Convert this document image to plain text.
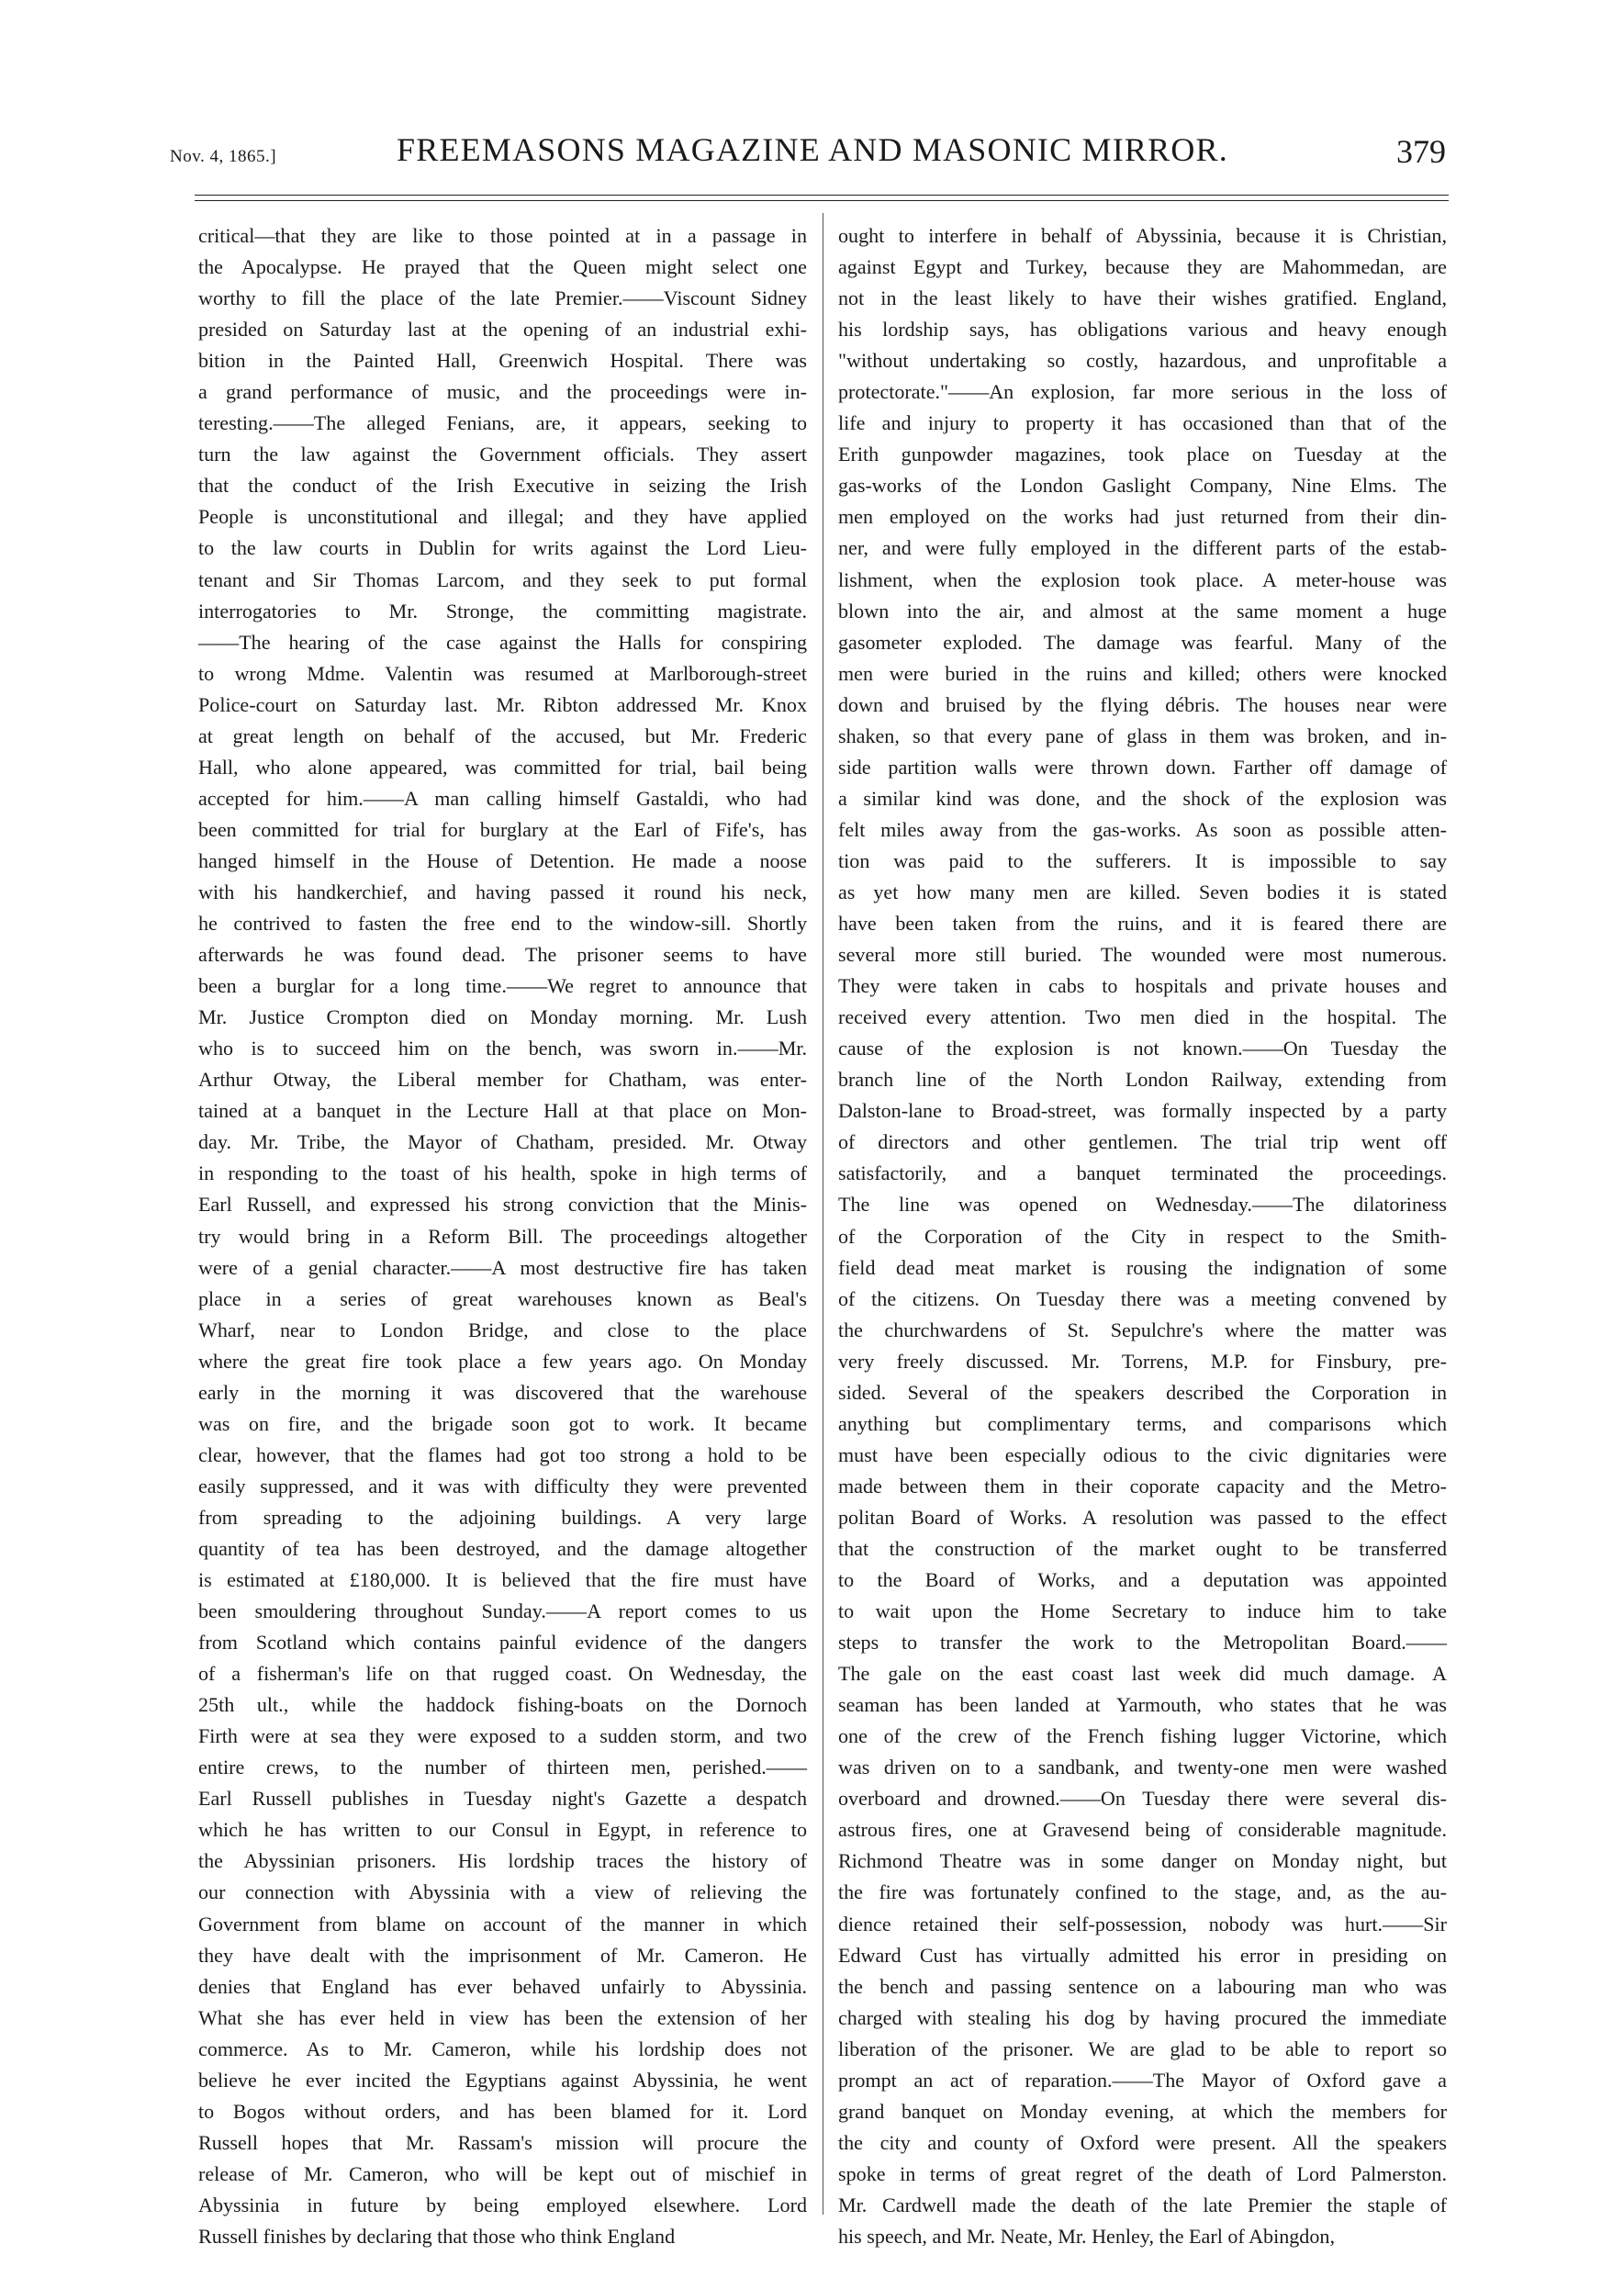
Nov. 4, 1865.]	FREEMASONS MAGAZINE AND MASONIC MIRROR.	379
critical—that they are like to those pointed at in a passage in
the Apocalypse. He prayed that the Queen might select one
worthy to fill the place of the late Premier.——Viscount Sidney
presided on Saturday last at the opening of an industrial exhi-
bition in the Painted Hall, Greenwich Hospital. There was
a grand performance of music, and the proceedings were in-
teresting.——The alleged Fenians, are, it appears, seeking to
turn the law against the Government officials. They assert
that the conduct of the Irish Executive in seizing the Irish
People is unconstitutional and illegal; and they have applied
to the law courts in Dublin for writs against the Lord Lieu-
tenant and Sir Thomas Larcom, and they seek to put formal
interrogatories to Mr. Stronge, the committing magistrate.
——The hearing of the case against the Halls for conspiring
to wrong Mdme. Valentin was resumed at Marlborough-street
Police-court on Saturday last. Mr. Ribton addressed Mr. Knox
at great length on behalf of the accused, but Mr. Frederic
Hall, who alone appeared, was committed for trial, bail being
accepted for him.——A man calling himself Gastaldi, who had
been committed for trial for burglary at the Earl of Fife's, has
hanged himself in the House of Detention. He made a noose
with his handkerchief, and having passed it round his neck,
he contrived to fasten the free end to the window-sill. Shortly
afterwards he was found dead. The prisoner seems to have
been a burglar for a long time.——We regret to announce that
Mr. Justice Crompton died on Monday morning. Mr. Lush
who is to succeed him on the bench, was sworn in.——Mr.
Arthur Otway, the Liberal member for Chatham, was enter-
tained at a banquet in the Lecture Hall at that place on Mon-
day. Mr. Tribe, the Mayor of Chatham, presided. Mr. Otway
in responding to the toast of his health, spoke in high terms of
Earl Russell, and expressed his strong conviction that the Minis-
try would bring in a Reform Bill. The proceedings altogether
were of a genial character.——A most destructive fire has taken
place in a series of great warehouses known as Beal's
Wharf, near to London Bridge, and close to the place
where the great fire took place a few years ago. On Monday
early in the morning it was discovered that the warehouse
was on fire, and the brigade soon got to work. It became
clear, however, that the flames had got too strong a hold to be
easily suppressed, and it was with difficulty they were prevented
from spreading to the adjoining buildings. A very large
quantity of tea has been destroyed, and the damage altogether
is estimated at £180,000. It is believed that the fire must have
been smouldering throughout Sunday.——A report comes to us
from Scotland which contains painful evidence of the dangers
of a fisherman's life on that rugged coast. On Wednesday, the
25th ult., while the haddock fishing-boats on the Dornoch
Firth were at sea they were exposed to a sudden storm, and two
entire crews, to the number of thirteen men, perished.——
Earl Russell publishes in Tuesday night's Gazette a despatch
which he has written to our Consul in Egypt, in reference to
the Abyssinian prisoners. His lordship traces the history of
our connection with Abyssinia with a view of relieving the
Government from blame on account of the manner in which
they have dealt with the imprisonment of Mr. Cameron. He
denies that England has ever behaved unfairly to Abyssinia.
What she has ever held in view has been the extension of her
commerce. As to Mr. Cameron, while his lordship does not
believe he ever incited the Egyptians against Abyssinia, he went
to Bogos without orders, and has been blamed for it. Lord
Russell hopes that Mr. Rassam's mission will procure the
release of Mr. Cameron, who will be kept out of mischief in
Abyssinia in future by being employed elsewhere. Lord
Russell finishes by declaring that those who think England
ought to interfere in behalf of Abyssinia, because it is Christian,
against Egypt and Turkey, because they are Mahommedan, are
not in the least likely to have their wishes gratified. England,
his lordship says, has obligations various and heavy enough
"without undertaking so costly, hazardous, and unprofitable a
protectorate."——An explosion, far more serious in the loss of
life and injury to property it has occasioned than that of the
Erith gunpowder magazines, took place on Tuesday at the
gas-works of the London Gaslight Company, Nine Elms. The
men employed on the works had just returned from their din-
ner, and were fully employed in the different parts of the estab-
lishment, when the explosion took place. A meter-house was
blown into the air, and almost at the same moment a huge
gasometer exploded. The damage was fearful. Many of the
men were buried in the ruins and killed; others were knocked
down and bruised by the flying débris. The houses near were
shaken, so that every pane of glass in them was broken, and in-
side partition walls were thrown down. Farther off damage of
a similar kind was done, and the shock of the explosion was
felt miles away from the gas-works. As soon as possible atten-
tion was paid to the sufferers. It is impossible to say
as yet how many men are killed. Seven bodies it is stated
have been taken from the ruins, and it is feared there are
several more still buried. The wounded were most numerous.
They were taken in cabs to hospitals and private houses and
received every attention. Two men died in the hospital. The
cause of the explosion is not known.——On Tuesday the
branch line of the North London Railway, extending from
Dalston-lane to Broad-street, was formally inspected by a party
of directors and other gentlemen. The trial trip went off
satisfactorily, and a banquet terminated the proceedings.
The line was opened on Wednesday.——The dilatoriness
of the Corporation of the City in respect to the Smith-
field dead meat market is rousing the indignation of some
of the citizens. On Tuesday there was a meeting convened by
the churchwardens of St. Sepulchre's where the matter was
very freely discussed. Mr. Torrens, M.P. for Finsbury, pre-
sided. Several of the speakers described the Corporation in
anything but complimentary terms, and comparisons which
must have been especially odious to the civic dignitaries were
made between them in their coporate capacity and the Metro-
politan Board of Works. A resolution was passed to the effect
that the construction of the market ought to be transferred
to the Board of Works, and a deputation was appointed
to wait upon the Home Secretary to induce him to take
steps to transfer the work to the Metropolitan Board.——
The gale on the east coast last week did much damage. A
seaman has been landed at Yarmouth, who states that he was
one of the crew of the French fishing lugger Victorine, which
was driven on to a sandbank, and twenty-one men were washed
overboard and drowned.——On Tuesday there were several dis-
astrous fires, one at Gravesend being of considerable magnitude.
Richmond Theatre was in some danger on Monday night, but
the fire was fortunately confined to the stage, and, as the au-
dience retained their self-possession, nobody was hurt.——Sir
Edward Cust has virtually admitted his error in presiding on
the bench and passing sentence on a labouring man who was
charged with stealing his dog by having procured the immediate
liberation of the prisoner. We are glad to be able to report so
prompt an act of reparation.——The Mayor of Oxford gave a
grand banquet on Monday evening, at which the members for
the city and county of Oxford were present. All the speakers
spoke in terms of great regret of the death of Lord Palmerston.
Mr. Cardwell made the death of the late Premier the staple of
his speech, and Mr. Neate, Mr. Henley, the Earl of Abingdon,
